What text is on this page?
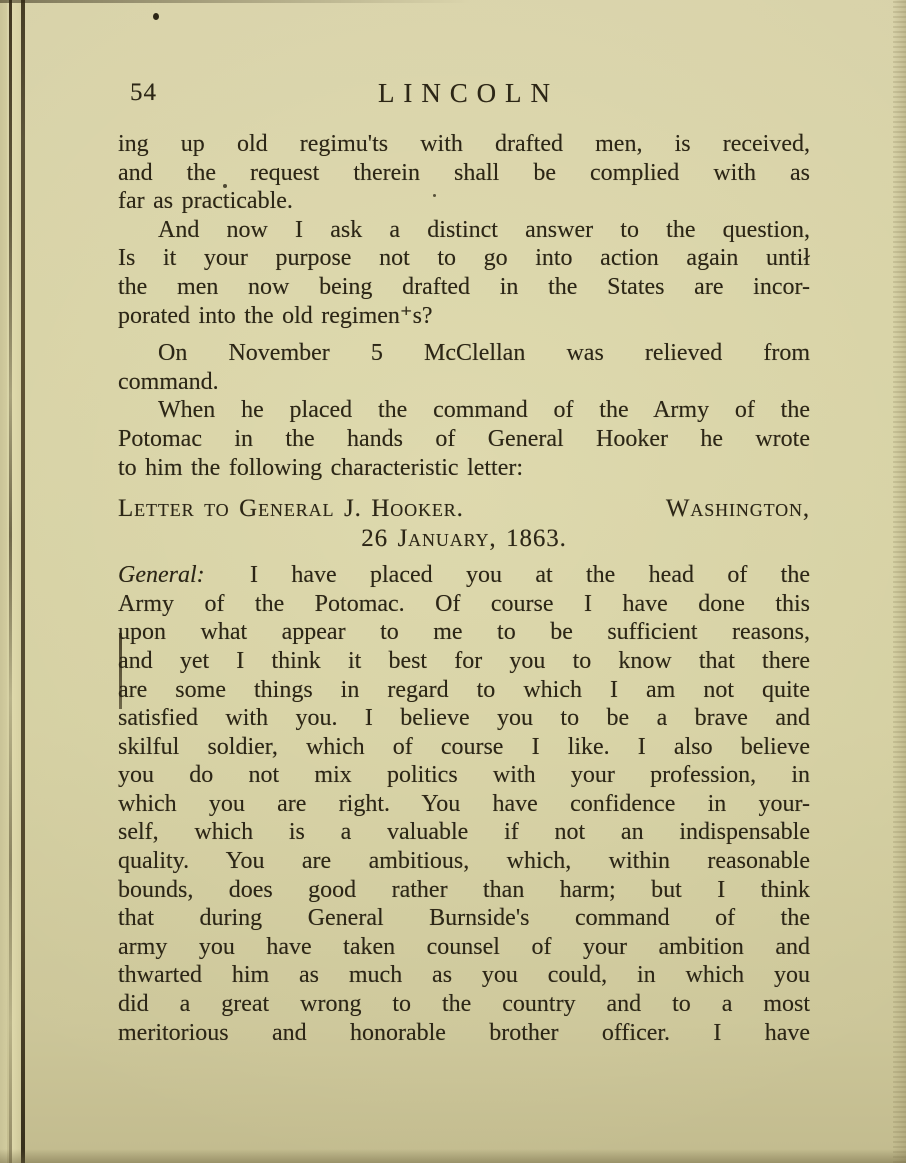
54	LINCOLN
ing up old regimu'ts with drafted men, is received,
and the request therein shall be complied with as
far as practicable.
And now I ask a distinct answer to the question,
Is it your purpose not to go into action again untił
the men now being drafted in the States are incor-
porated into the old regimen⁺s?
On November 5 McClellan was relieved from
command.
When he placed the command of the Army of the
Potomac in the hands of General Hooker he wrote
to him the following characteristic letter:
Letter to General J. Hooker.	Washington,
26 January, 1863.
General: I have placed you at the head of the
Army of the Potomac. Of course I have done this
upon what appear to me to be sufficient reasons,
and yet I think it best for you to know that there
are some things in regard to which I am not quite
satisfied with you. I believe you to be a brave and
skilful soldier, which of course I like. I also believe
you do not mix politics with your profession, in
which you are right. You have confidence in your-
self, which is a valuable if not an indispensable
quality. You are ambitious, which, within reasonable
bounds, does good rather than harm; but I think
that during General Burnside's command of the
army you have taken counsel of your ambition and
thwarted him as much as you could, in which you
did a great wrong to the country and to a most
meritorious and honorable brother officer. I have
